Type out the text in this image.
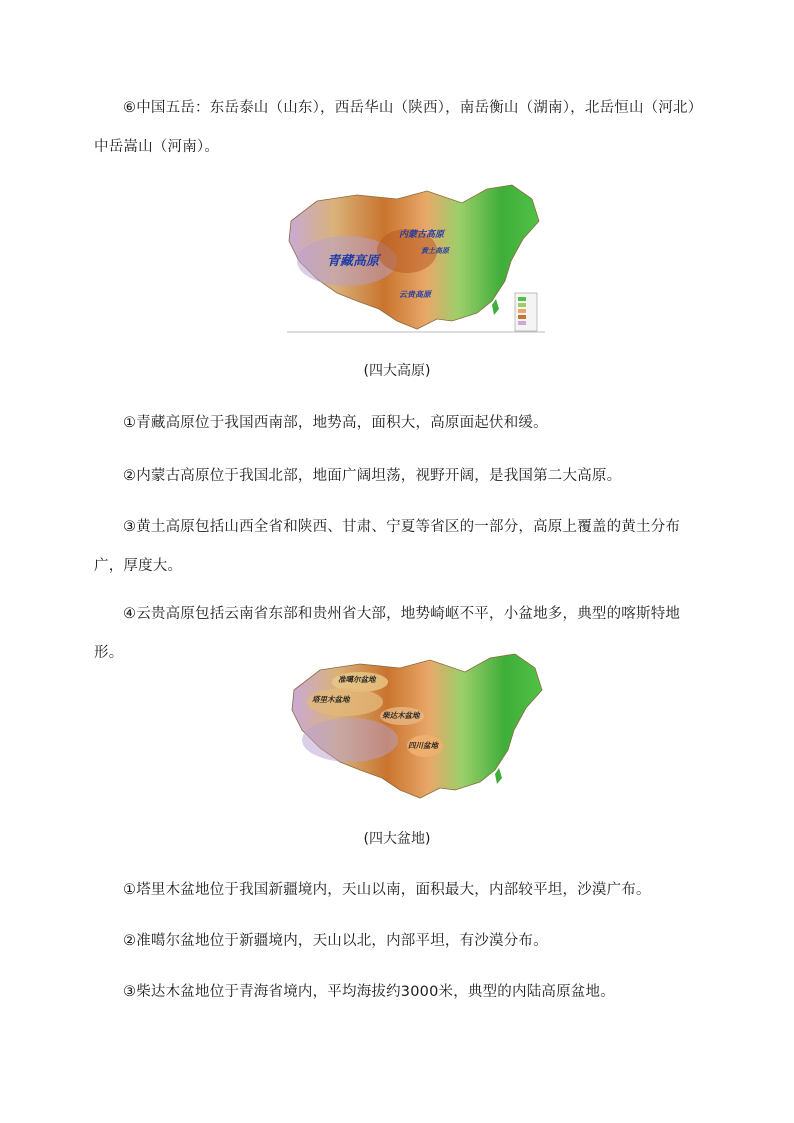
⑥中国五岳：东岳泰山（山东），西岳华山（陕西），南岳衡山（湖南），北岳恒山（河北）中岳嵩山（河南）。

青藏高原
内蒙古高原
黄土高原
云贵高原

(四大高原)

①青藏高原位于我国西南部，地势高，面积大，高原面起伏和缓。

②内蒙古高原位于我国北部，地面广阔坦荡，视野开阔，是我国第二大高原。

③黄土高原包括山西全省和陕西、甘肃、宁夏等省区的一部分，高原上覆盖的黄土分布广，厚度大。

④云贵高原包括云南省东部和贵州省大部，地势崎岖不平，小盆地多，典型的喀斯特地形。

准噶尔盆地
塔里木盆地
柴达木盆地
四川盆地

(四大盆地)

①塔里木盆地位于我国新疆境内，天山以南，面积最大，内部较平坦，沙漠广布。

②准噶尔盆地位于新疆境内，天山以北，内部平坦，有沙漠分布。

③柴达木盆地位于青海省境内，平均海拔约3000米，典型的内陆高原盆地。
